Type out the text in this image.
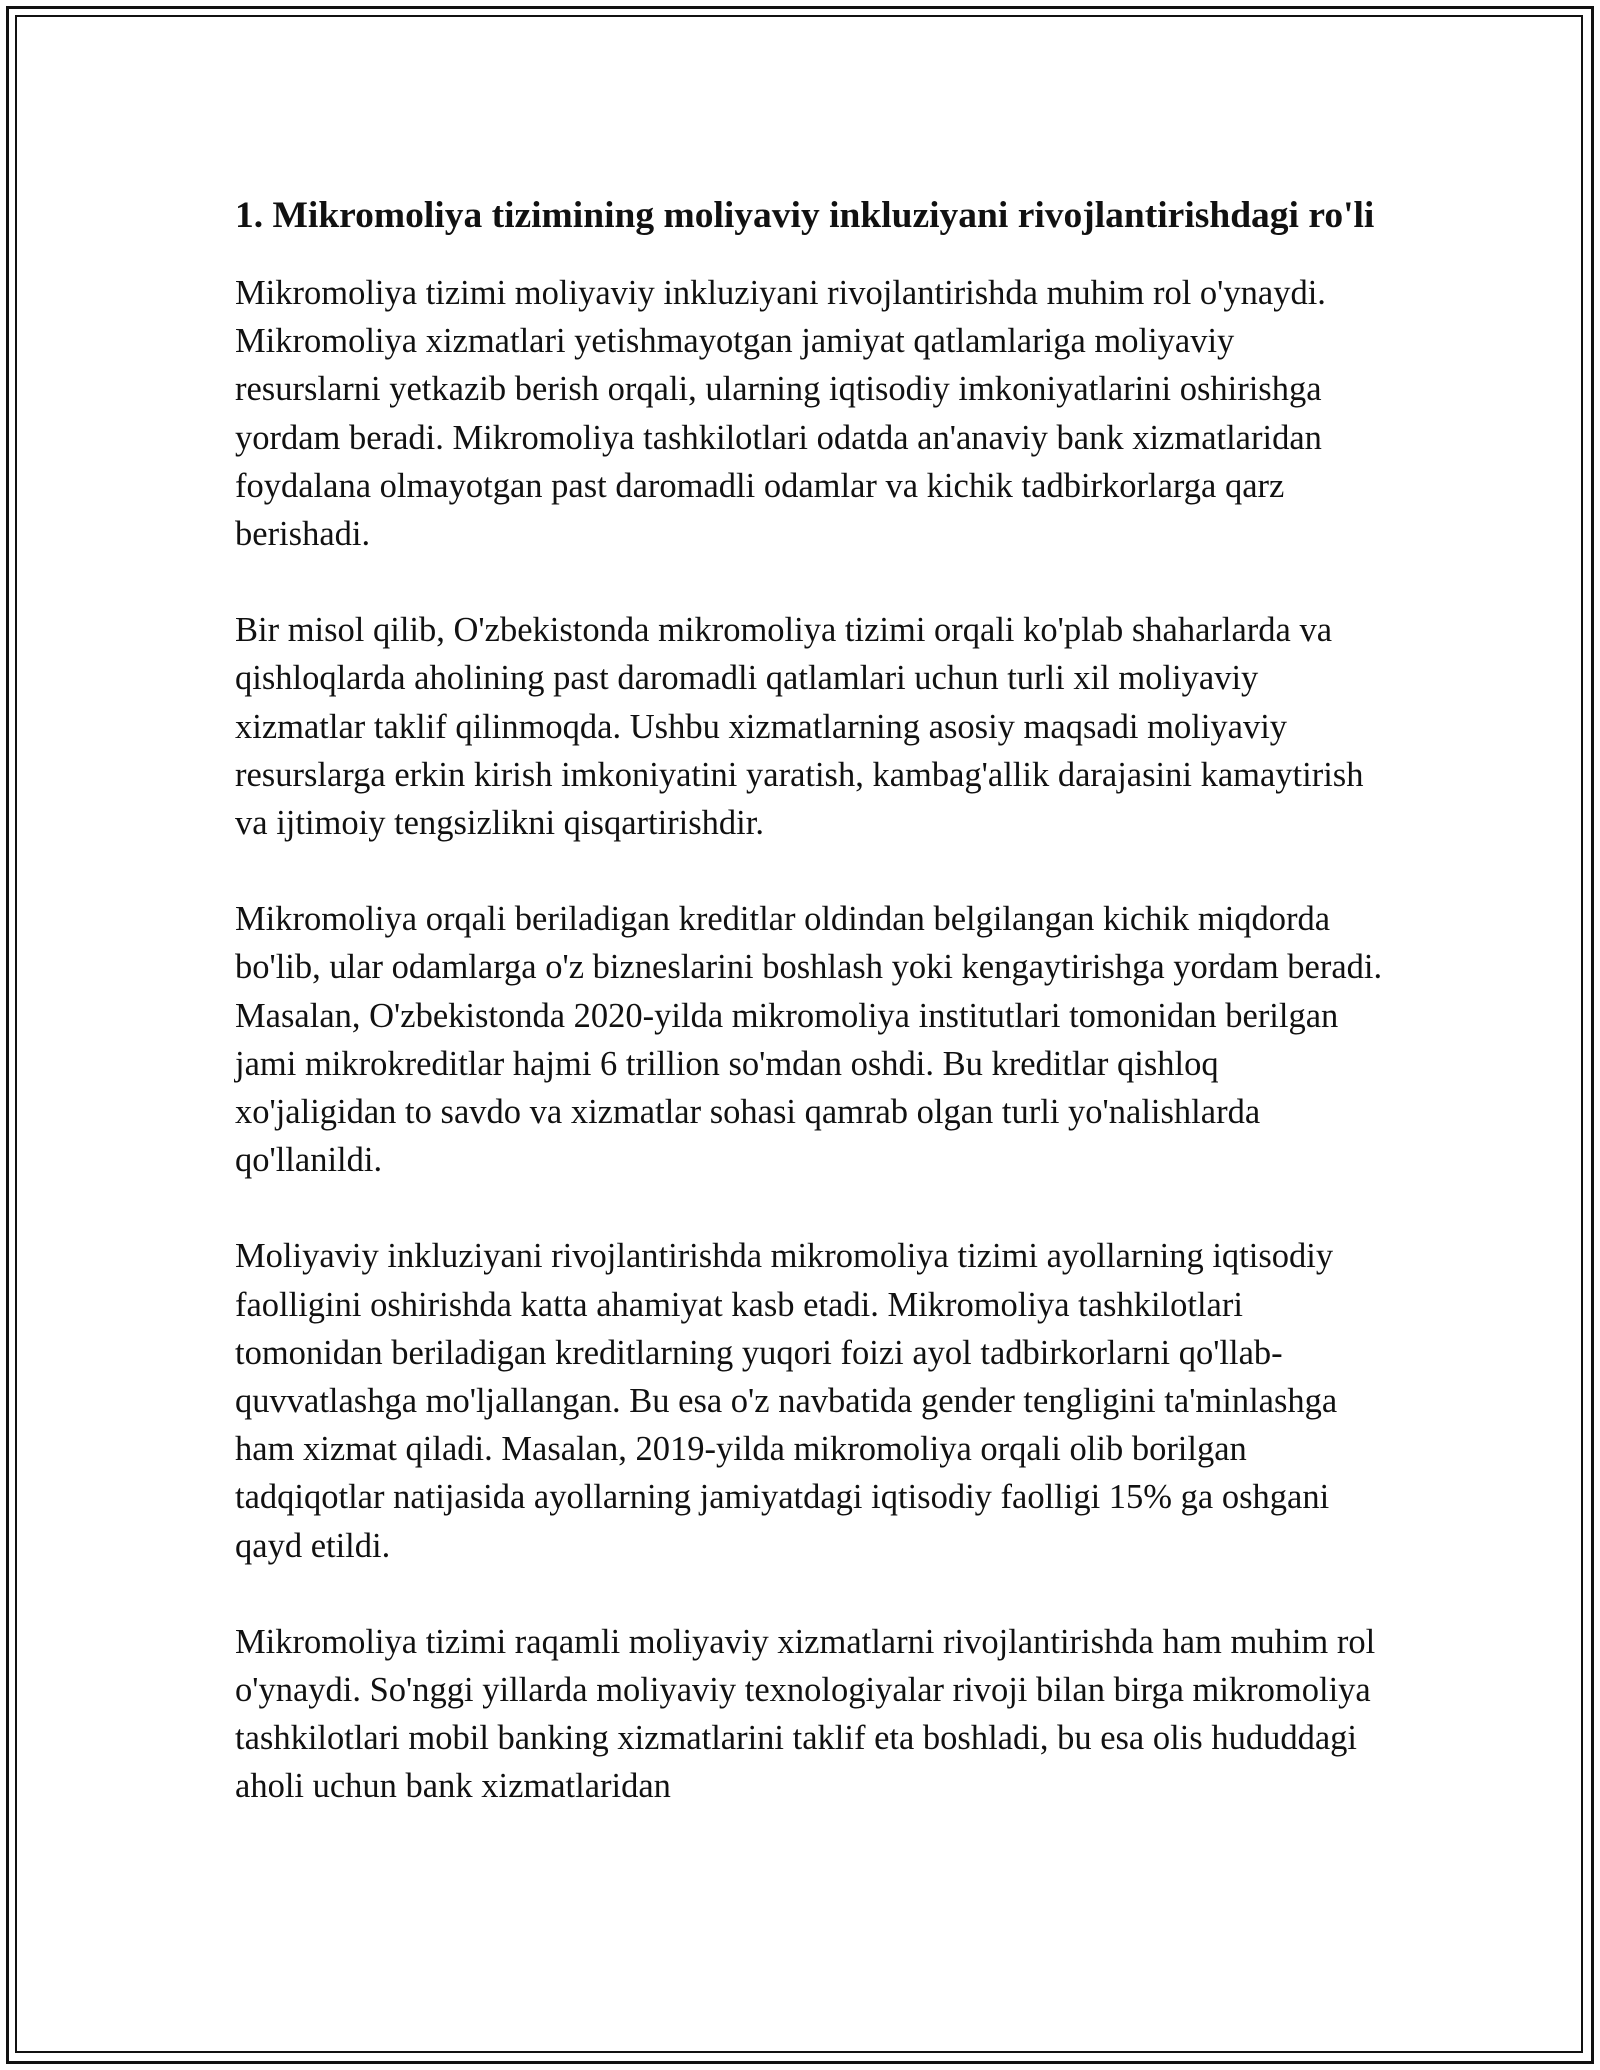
1. Mikromoliya tizimining moliyaviy inkluziyani rivojlantirishdagi ro'li

Mikromoliya tizimi moliyaviy inkluziyani rivojlantirishda muhim rol o'ynaydi. Mikromoliya xizmatlari yetishmayotgan jamiyat qatlamlariga moliyaviy resurslarni yetkazib berish orqali, ularning iqtisodiy imkoniyatlarini oshirishga yordam beradi. Mikromoliya tashkilotlari odatda an'anaviy bank xizmatlaridan foydalana olmayotgan past daromadli odamlar va kichik tadbirkorlarga qarz berishadi.

Bir misol qilib, O'zbekistonda mikromoliya tizimi orqali ko'plab shaharlarda va qishloqlarda aholining past daromadli qatlamlari uchun turli xil moliyaviy xizmatlar taklif qilinmoqda. Ushbu xizmatlarning asosiy maqsadi moliyaviy resurslarga erkin kirish imkoniyatini yaratish, kambag'allik darajasini kamaytirish va ijtimoiy tengsizlikni qisqartirishdir.

Mikromoliya orqali beriladigan kreditlar oldindan belgilangan kichik miqdorda bo'lib, ular odamlarga o'z bizneslarini boshlash yoki kengaytirishga yordam beradi. Masalan, O'zbekistonda 2020-yilda mikromoliya institutlari tomonidan berilgan jami mikrokreditlar hajmi 6 trillion so'mdan oshdi. Bu kreditlar qishloq xo'jaligidan to savdo va xizmatlar sohasi qamrab olgan turli yo'nalishlarda qo'llanildi.

Moliyaviy inkluziyani rivojlantirishda mikromoliya tizimi ayollarning iqtisodiy faolligini oshirishda katta ahamiyat kasb etadi. Mikromoliya tashkilotlari tomonidan beriladigan kreditlarning yuqori foizi ayol tadbirkorlarni qo'llab-quvvatlashga mo'ljallangan. Bu esa o'z navbatida gender tengligini ta'minlashga ham xizmat qiladi. Masalan, 2019-yilda mikromoliya orqali olib borilgan tadqiqotlar natijasida ayollarning jamiyatdagi iqtisodiy faolligi 15% ga oshgani qayd etildi.

Mikromoliya tizimi raqamli moliyaviy xizmatlarni rivojlantirishda ham muhim rol o'ynaydi. So'nggi yillarda moliyaviy texnologiyalar rivoji bilan birga mikromoliya tashkilotlari mobil banking xizmatlarini taklif eta boshladi, bu esa olis hududdagi aholi uchun bank xizmatlaridan
